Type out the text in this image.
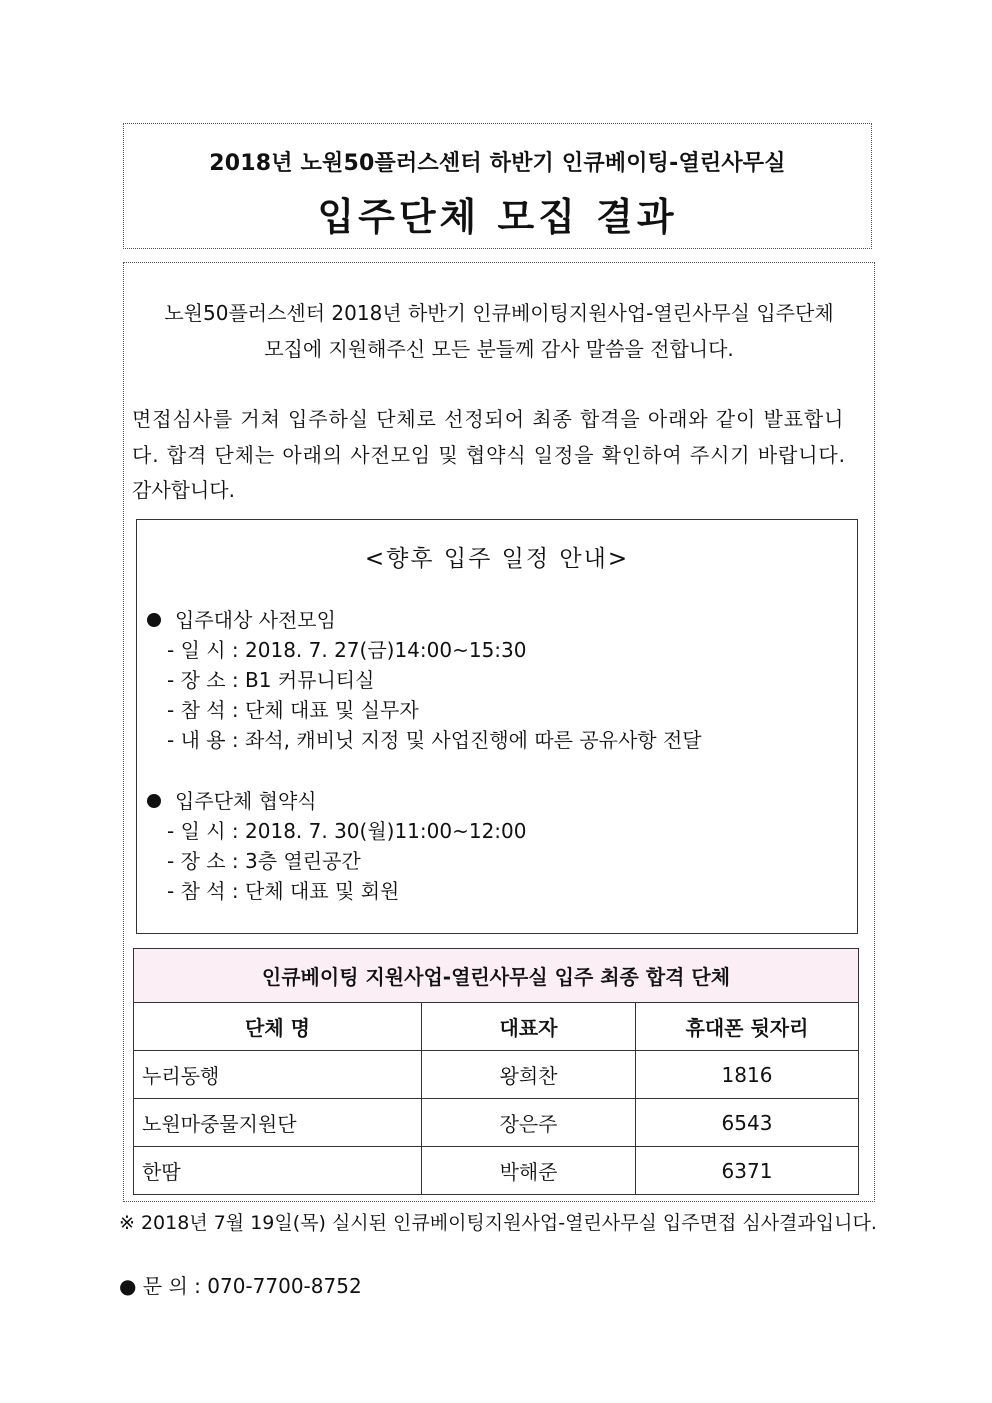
2018년 노원50플러스센터 하반기 인큐베이팅-열린사무실
입주단체 모집 결과
노원50플러스센터 2018년 하반기 인큐베이팅지원사업-열린사무실 입주단체
모집에 지원해주신 모든 분들께 감사 말씀을 전합니다.
면접심사를 거쳐 입주하실 단체로 선정되어 최종 합격을 아래와 같이 발표합니
다. 합격 단체는 아래의 사전모임 및 협약식 일정을 확인하여 주시기 바랍니다.
감사합니다.
<향후 입주 일정 안내>
입주대상 사전모임
- 일 시 : 2018. 7. 27(금)14:00~15:30
- 장 소 : B1 커뮤니티실
- 참 석 : 단체 대표 및 실무자
- 내 용 : 좌석, 캐비닛 지정 및 사업진행에 따른 공유사항 전달
입주단체 협약식
- 일 시 : 2018. 7. 30(월)11:00~12:00
- 장 소 : 3층 열린공간
- 참 석 : 단체 대표 및 회원
인큐베이팅 지원사업-열린사무실 입주 최종 합격 단체		
단체 명	대표자	휴대폰 뒷자리
누리동행	왕희찬	1816
노원마중물지원단	장은주	6543
한땀	박해준	6371
※ 2018년 7월 19일(목) 실시된 인큐베이팅지원사업-열린사무실 입주면접 심사결과입니다.
● 문 의 : 070-7700-8752
